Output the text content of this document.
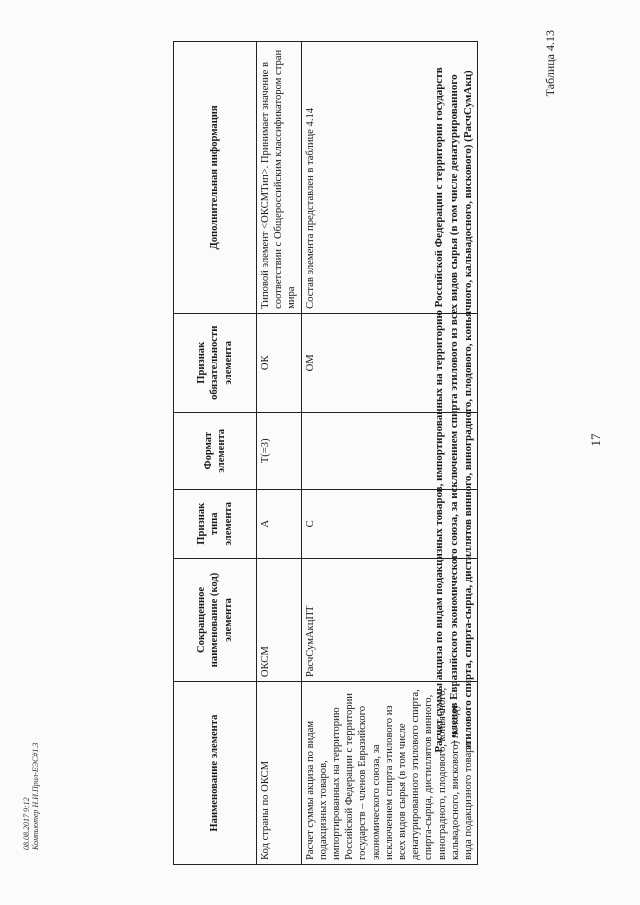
17
Таблица 4.13
Расчет суммы акциза по видам подакцизных товаров, импортированных на территорию Российской Федерации с территории государств – членов Евразийского экономического союза, за исключением спирта этилового из всех видов сырья (в том числе денатурированного этилового спирта, спирта-сырца, дистиллятов винного, виноградного, плодового, коньячного, кальвадосного, вискового) (РасчСумАкц)
Наименование элемента	Сокращенное наименование (код) элемента	Признак типа элемента	Формат элемента	Признак обязательности элемента	Дополнительная информация
Код страны по ОКСМ	ОКСМ	А	T(=3)	ОК	Типовой элемент <ОКСМТип>. Принимает значение в соответствии с Общероссийским классификатором стран мира
Расчет суммы акциза по видам подакцизных товаров, импортированных на территорию Российской Федерации с территории государств – членов Евразийского экономического союза, за исключением спирта этилового из всех видов сырья (в том числе денатурированного этилового спирта, спирта-сырца, дистиллятов винного, виноградного, плодового, коньячного, кальвадосного, вискового) по коду вида подакцизного товара	РасчСумАкцПТ	С		ОМ	Состав элемента представлен в таблице 4.14
08.08.2017 9:12 Компьютер Н.И.Прил-ЕЭС#1.3
